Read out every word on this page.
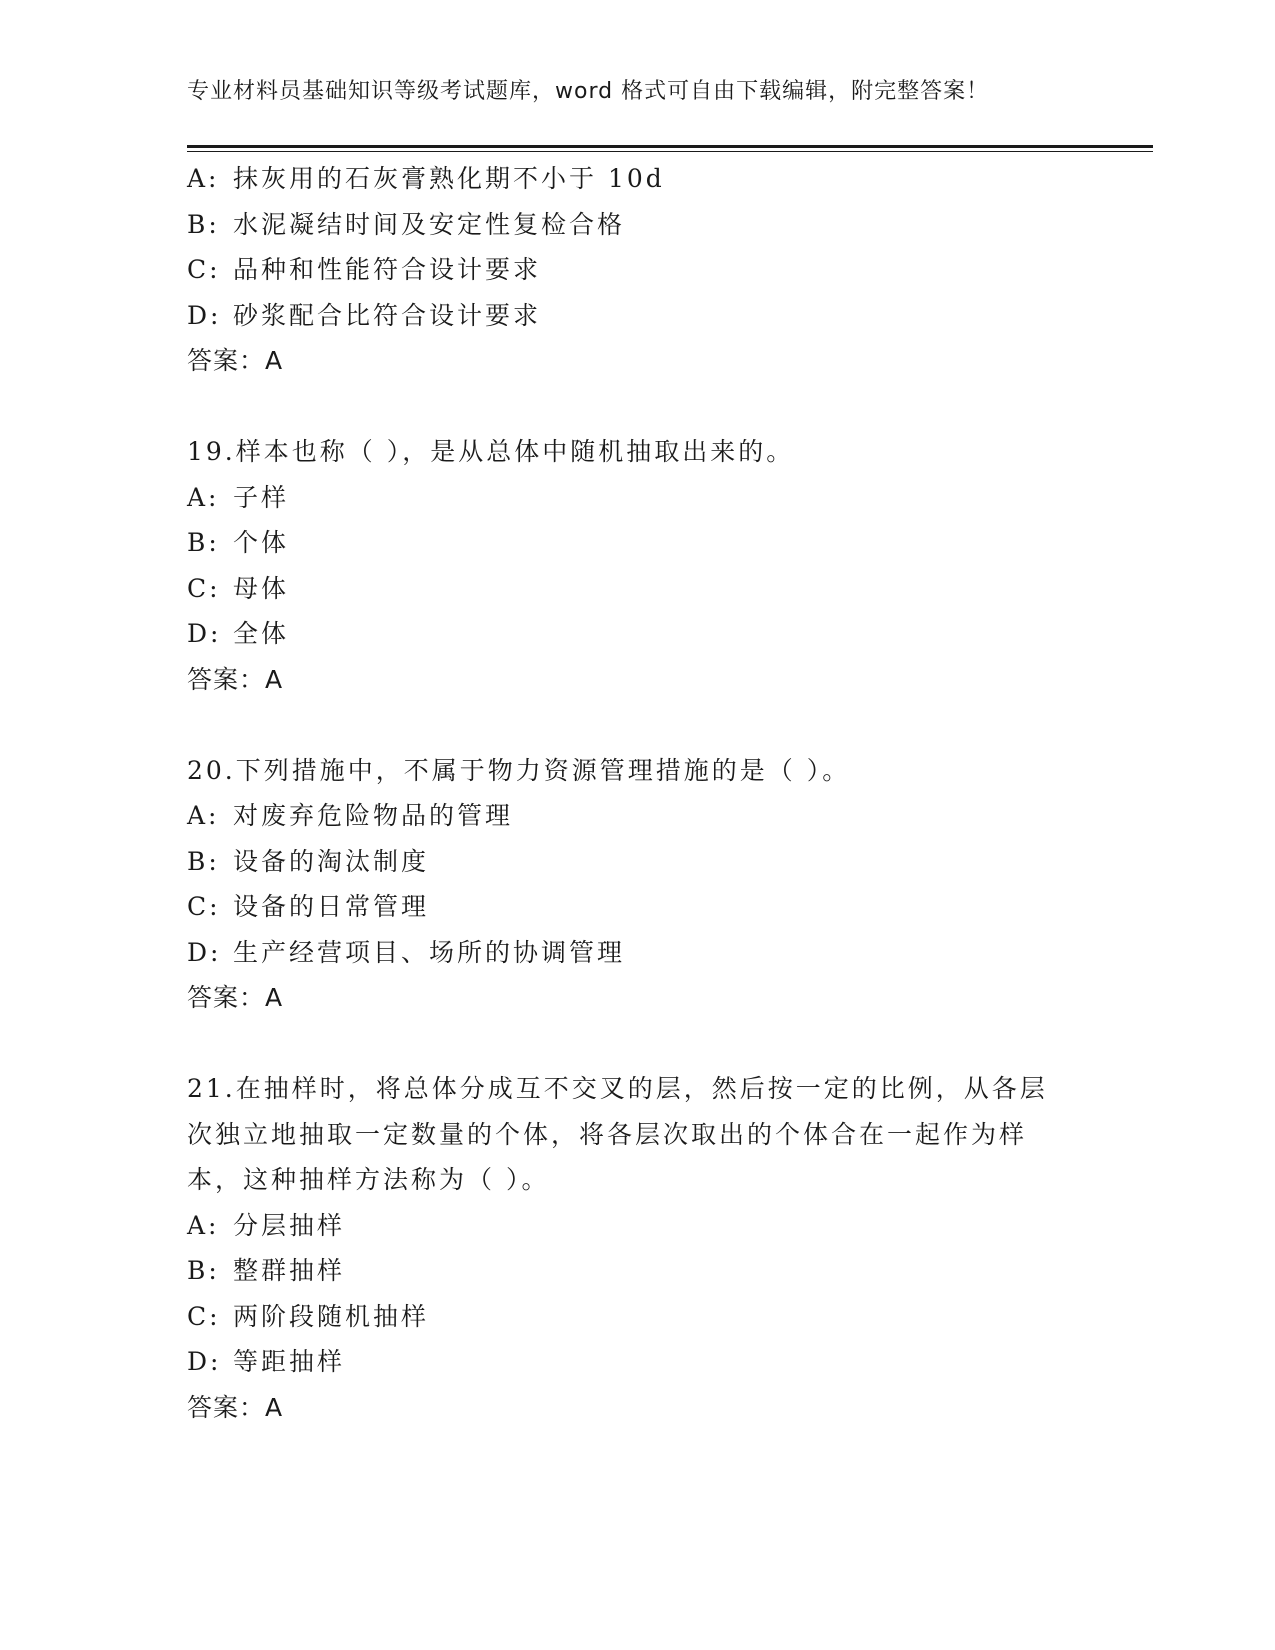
专业材料员基础知识等级考试题库，word 格式可自由下载编辑，附完整答案！
A: 抹灰用的石灰膏熟化期不小于 10d
B: 水泥凝结时间及安定性复检合格
C: 品种和性能符合设计要求
D: 砂浆配合比符合设计要求
答案：A
19.样本也称（ ），是从总体中随机抽取出来的。
A: 子样
B: 个体
C: 母体
D: 全体
答案：A
20.下列措施中，不属于物力资源管理措施的是（ ）。
A: 对废弃危险物品的管理
B: 设备的淘汰制度
C: 设备的日常管理
D: 生产经营项目、场所的协调管理
答案：A
21.在抽样时，将总体分成互不交叉的层，然后按一定的比例，从各层
次独立地抽取一定数量的个体，将各层次取出的个体合在一起作为样
本，这种抽样方法称为（ ）。
A: 分层抽样
B: 整群抽样
C: 两阶段随机抽样
D: 等距抽样
答案：A
